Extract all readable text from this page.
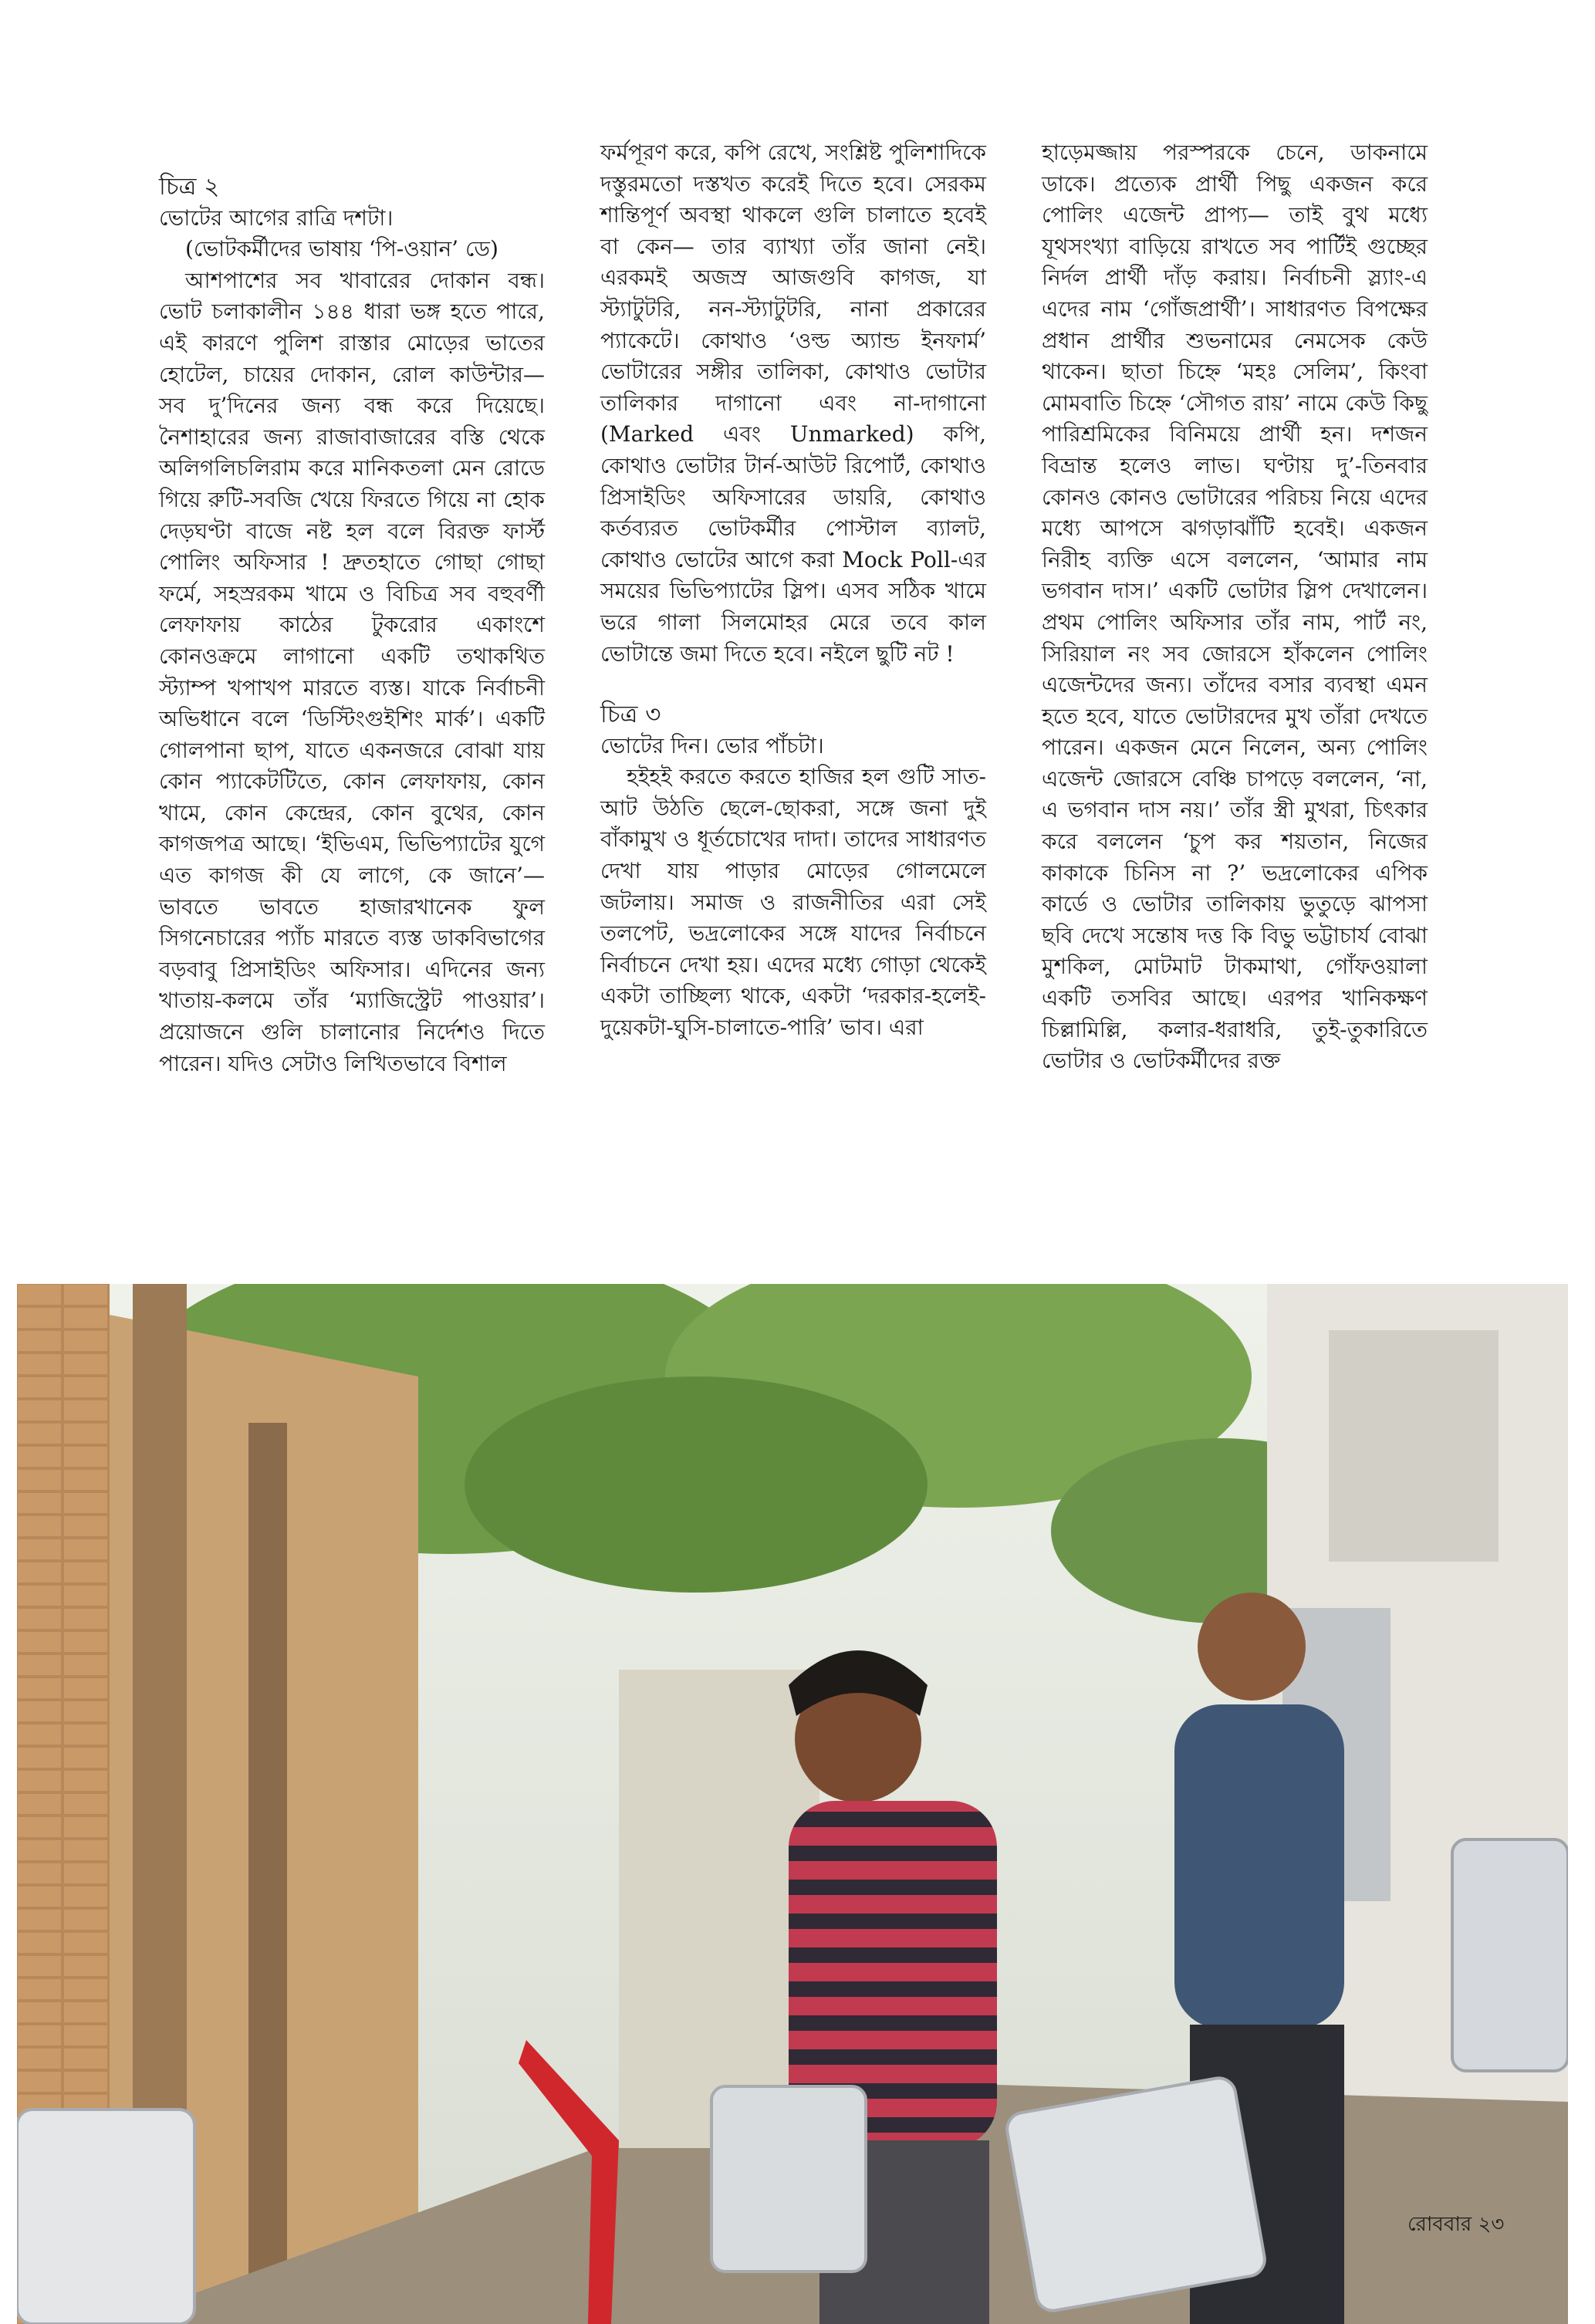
চিত্র ২

ভোটের আগের রাত্রি দশটা।

(ভোটকর্মীদের ভাষায় ‘পি-ওয়ান’ ডে)

আশপাশের সব খাবারের দোকান বন্ধ। ভোট চলাকালীন ১৪৪ ধারা ভঙ্গ হতে পারে, এই কারণে পুলিশ রাস্তার মোড়ের ভাতের হোটেল, চায়ের দোকান, রোল কাউন্টার— সব দু’দিনের জন্য বন্ধ করে দিয়েছে। নৈশাহারের জন্য রাজাবাজারের বস্তি থেকে অলিগলিচলিরাম করে মানিকতলা মেন রোডে গিয়ে রুটি-সবজি খেয়ে ফিরতে গিয়ে না হোক দেড়ঘণ্টা বাজে নষ্ট হল বলে বিরক্ত ফার্স্ট পোলিং অফিসার ! দ্রুতহাতে গোছা গোছা ফর্মে, সহস্ররকম খামে ও বিচিত্র সব বহুবর্ণী লেফাফায় কাঠের টুকরোর একাংশে কোনওক্রমে লাগানো একটি তথাকথিত স্ট্যাম্প খপাখপ মারতে ব্যস্ত। যাকে নির্বাচনী অভিধানে বলে ‘ডিস্টিংগুইশিং মার্ক’। একটি গোলপানা ছাপ, যাতে একনজরে বোঝা যায় কোন প্যাকেটটিতে, কোন লেফাফায়, কোন খামে, কোন কেন্দ্রের, কোন বুথের, কোন কাগজপত্র আছে। ‘ইভিএম, ভিভিপ্যাটের যুগে এত কাগজ কী যে লাগে, কে জানে’— ভাবতে ভাবতে হাজারখানেক ফুল সিগনেচারের প্যাঁচ মারতে ব্যস্ত ডাকবিভাগের বড়বাবু প্রিসাইডিং অফিসার। এদিনের জন্য খাতায়-কলমে তাঁর ‘ম্যাজিস্ট্রেট পাওয়ার’। প্রয়োজনে গুলি চালানোর নির্দেশও দিতে পারেন। যদিও সেটাও লিখিতভাবে বিশাল

ফর্মপূরণ করে, কপি রেখে, সংশ্লিষ্ট পুলিশাদিকে দস্তুরমতো দস্তখত করেই দিতে হবে। সেরকম শান্তিপূর্ণ অবস্থা থাকলে গুলি চালাতে হবেই বা কেন— তার ব্যাখ্যা তাঁর জানা নেই। এরকমই অজস্র আজগুবি কাগজ, যা স্ট্যাটুটরি, নন-স্ট্যাটুটরি, নানা প্রকারের প্যাকেটে। কোথাও ‘ওল্ড অ্যান্ড ইনফার্ম’ ভোটারের সঙ্গীর তালিকা, কোথাও ভোটার তালিকার দাগানো এবং না-দাগানো (Marked এবং Unmarked) কপি, কোথাও ভোটার টার্ন-আউট রিপোর্ট, কোথাও প্রিসাইডিং অফিসারের ডায়রি, কোথাও কর্তব্যরত ভোটকর্মীর পোস্টাল ব্যালট, কোথাও ভোটের আগে করা Mock Poll-এর সময়ের ভিভিপ্যাটের স্লিপ। এসব সঠিক খামে ভরে গালা সিলমোহর মেরে তবে কাল ভোটান্তে জমা দিতে হবে। নইলে ছুটি নট !

চিত্র ৩

ভোটের দিন। ভোর পাঁচটা।

হইহই করতে করতে হাজির হল গুটি সাত-আট উঠতি ছেলে-ছোকরা, সঙ্গে জনা দুই বাঁকামুখ ও ধূর্তচোখের দাদা। তাদের সাধারণত দেখা যায় পাড়ার মোড়ের গোলমেলে জটলায়। সমাজ ও রাজনীতির এরা সেই তলপেট, ভদ্রলোকের সঙ্গে যাদের নির্বাচনে নির্বাচনে দেখা হয়। এদের মধ্যে গোড়া থেকেই একটা তাচ্ছিল্য থাকে, একটা ‘দরকার-হলেই-দুয়েকটা-ঘুসি-চালাতে-পারি’ ভাব। এরা

হাড়েমজ্জায় পরস্পরকে চেনে, ডাকনামে ডাকে। প্রত্যেক প্রার্থী পিছু একজন করে পোলিং এজেন্ট প্রাপ্য— তাই বুথ মধ্যে যূথসংখ্যা বাড়িয়ে রাখতে সব পার্টিই গুচ্ছের নির্দল প্রার্থী দাঁড় করায়। নির্বাচনী স্ল্যাং-এ এদের নাম ‘গোঁজপ্রার্থী’। সাধারণত বিপক্ষের প্রধান প্রার্থীর শুভনামের নেমসেক কেউ থাকেন। ছাতা চিহ্নে ‘মহঃ সেলিম’, কিংবা মোমবাতি চিহ্নে ‘সৌগত রায়’ নামে কেউ কিছু পারিশ্রমিকের বিনিময়ে প্রার্থী হন। দশজন বিভ্রান্ত হলেও লাভ। ঘণ্টায় দু’-তিনবার কোনও কোনও ভোটারের পরিচয় নিয়ে এদের মধ্যে আপসে ঝগড়াঝাঁটি হবেই। একজন নিরীহ ব্যক্তি এসে বললেন, ‘আমার নাম ভগবান দাস।’ একটি ভোটার স্লিপ দেখালেন। প্রথম পোলিং অফিসার তাঁর নাম, পার্ট নং, সিরিয়াল নং সব জোরসে হাঁকলেন পোলিং এজেন্টদের জন্য। তাঁদের বসার ব্যবস্থা এমন হতে হবে, যাতে ভোটারদের মুখ তাঁরা দেখতে পারেন। একজন মেনে নিলেন, অন্য পোলিং এজেন্ট জোরসে বেঞ্চি চাপড়ে বললেন, ‘না, এ ভগবান দাস নয়।’ তাঁর স্ত্রী মুখরা, চিৎকার করে বললেন ‘চুপ কর শয়তান, নিজের কাকাকে চিনিস না ?’ ভদ্রলোকের এপিক কার্ডে ও ভোটার তালিকায় ভুতুড়ে ঝাপসা ছবি দেখে সন্তোষ দত্ত কি বিভু ভট্টাচার্য বোঝা মুশকিল, মোটমাট টাকমাথা, গোঁফওয়ালা একটি তসবির আছে। এরপর খানিকক্ষণ চিল্লামিল্লি, কলার-ধরাধরি, তুই-তুকারিতে ভোটার ও ভোটকর্মীদের রক্ত

রোববার ২৩
